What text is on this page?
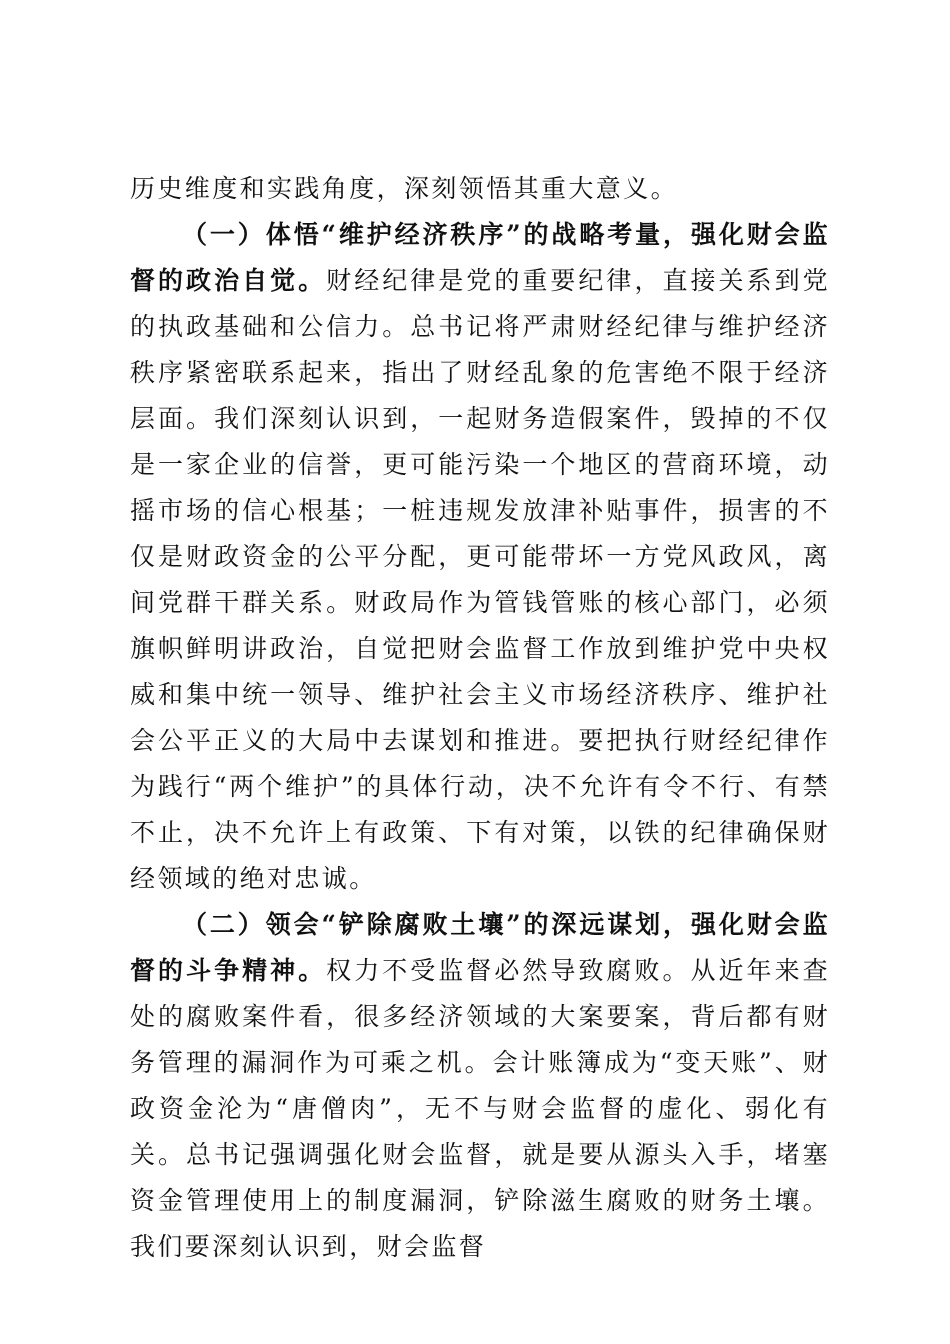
历史维度和实践角度，深刻领悟其重大意义。

（一）体悟“维护经济秩序”的战略考量，强化财会监督的政治自觉。财经纪律是党的重要纪律，直接关系到党的执政基础和公信力。总书记将严肃财经纪律与维护经济秩序紧密联系起来，指出了财经乱象的危害绝不限于经济层面。我们深刻认识到，一起财务造假案件，毁掉的不仅是一家企业的信誉，更可能污染一个地区的营商环境，动摇市场的信心根基；一桩违规发放津补贴事件，损害的不仅是财政资金的公平分配，更可能带坏一方党风政风，离间党群干群关系。财政局作为管钱管账的核心部门，必须旗帜鲜明讲政治，自觉把财会监督工作放到维护党中央权威和集中统一领导、维护社会主义市场经济秩序、维护社会公平正义的大局中去谋划和推进。要把执行财经纪律作为践行“两个维护”的具体行动，决不允许有令不行、有禁不止，决不允许上有政策、下有对策，以铁的纪律确保财经领域的绝对忠诚。

（二）领会“铲除腐败土壤”的深远谋划，强化财会监督的斗争精神。权力不受监督必然导致腐败。从近年来查处的腐败案件看，很多经济领域的大案要案，背后都有财务管理的漏洞作为可乘之机。会计账簿成为“变天账”、财政资金沦为“唐僧肉”，无不与财会监督的虚化、弱化有关。总书记强调强化财会监督，就是要从源头入手，堵塞资金管理使用上的制度漏洞，铲除滋生腐败的财务土壤。我们要深刻认识到，财会监督
